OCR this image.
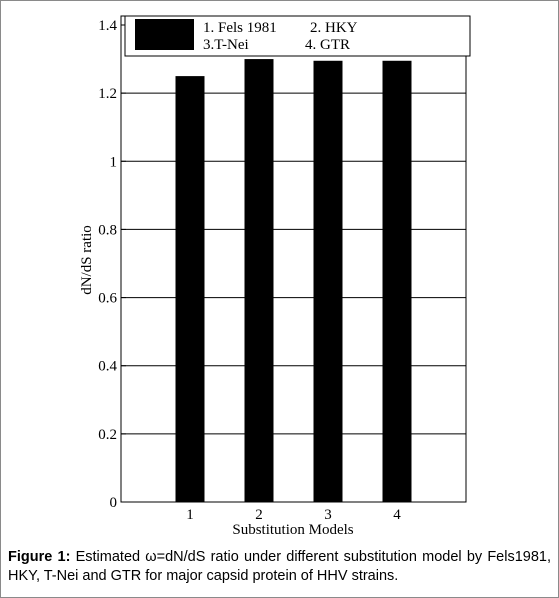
0
0.2
0.4
0.6
0.8
1
1.2
1.4
1	2	3	4
Substitution Models
dN/dS ratio
1. Fels 1981 2. HKY
3.T-Nei	4. GTR
Figure 1: Estimated ω=dN/dS ratio under different substitution model by Fels1981, HKY, T-Nei and GTR for major capsid protein of HHV strains.
